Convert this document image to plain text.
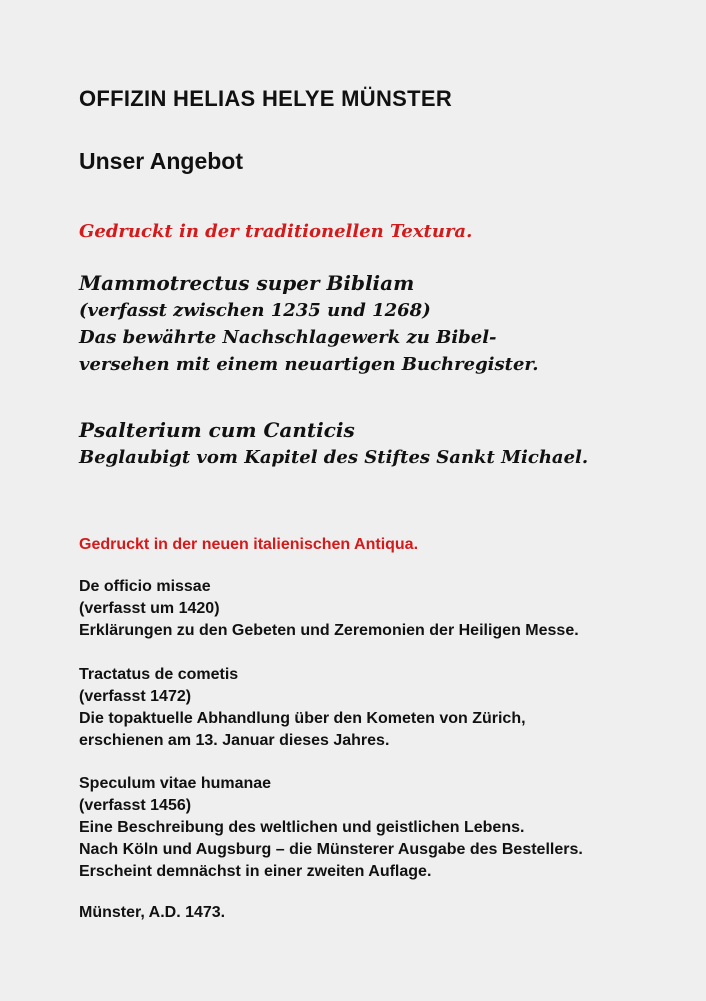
OFFIZIN HELIAS HELYE MÜNSTER
Unser Angebot
Gedruckt in der traditionellen Textura.
Mammotrectus super Bibliam
(verfasst zwischen 1235 und 1268)
Das bewährte Nachschlagewerk zu Bibel-
versehen mit einem neuartigen Buchregister.
Psalterium cum Canticis
Beglaubigt vom Kapitel des Stiftes Sankt Michael.
Gedruckt in der neuen italienischen Antiqua.
De officio missae
(verfasst um 1420)
Erklärungen zu den Gebeten und Zeremonien der Heiligen Messe.
Tractatus de cometis
(verfasst 1472)
Die topaktuelle Abhandlung über den Kometen von Zürich,
erschienen am 13. Januar dieses Jahres.
Speculum vitae humanae
(verfasst 1456)
Eine Beschreibung des weltlichen und geistlichen Lebens.
Nach Köln und Augsburg – die Münsterer Ausgabe des Bestellers.
Erscheint demnächst in einer zweiten Auflage.
Münster, A.D. 1473.
